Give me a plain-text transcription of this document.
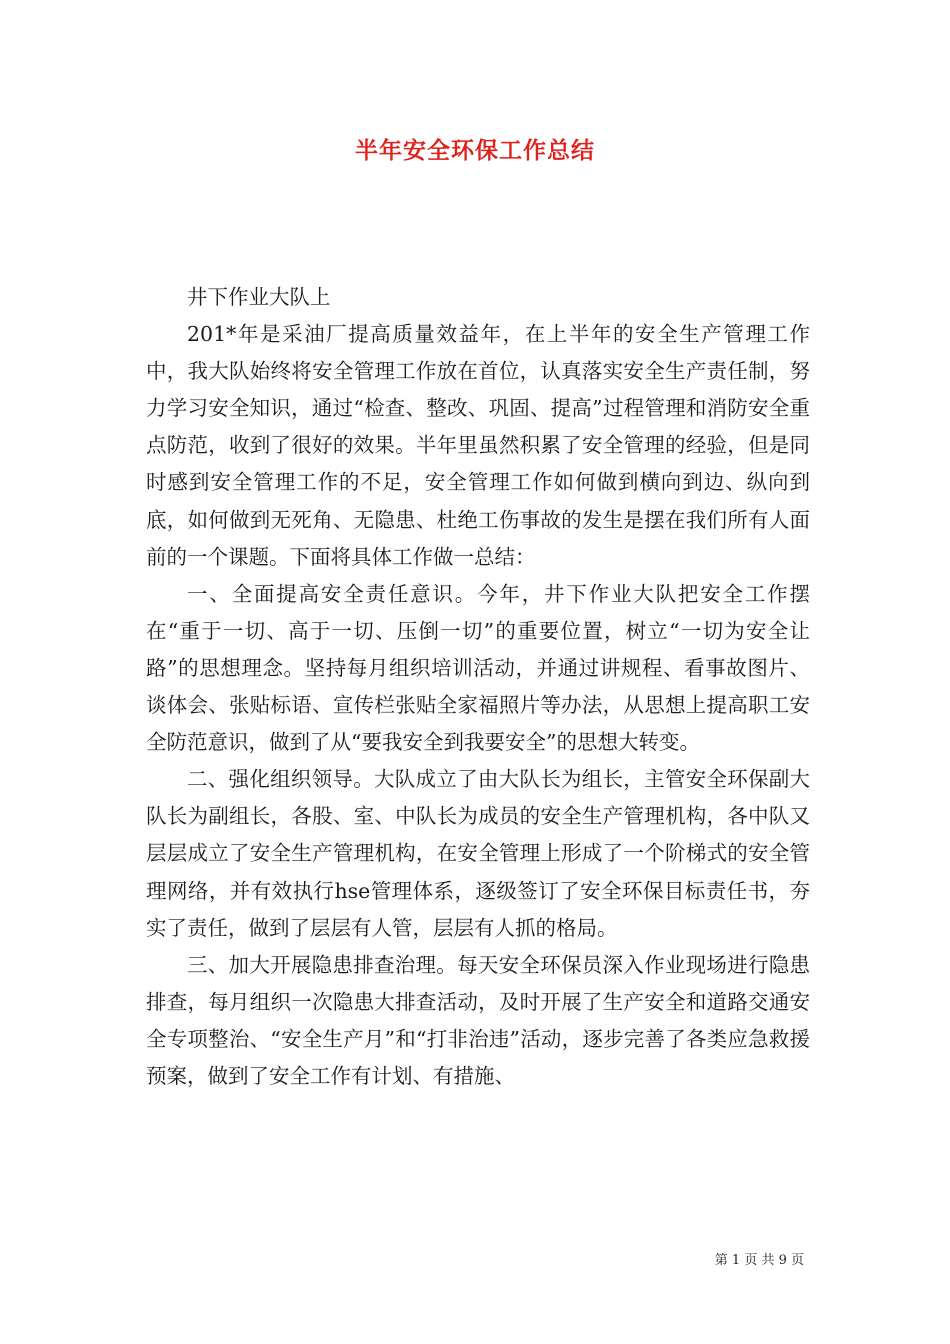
半年安全环保工作总结

井下作业大队上

201*年是采油厂提高质量效益年，在上半年的安全生产管理工作中，我大队始终将安全管理工作放在首位，认真落实安全生产责任制，努力学习安全知识，通过“检查、整改、巩固、提高”过程管理和消防安全重点防范，收到了很好的效果。半年里虽然积累了安全管理的经验，但是同时感到安全管理工作的不足，安全管理工作如何做到横向到边、纵向到底，如何做到无死角、无隐患、杜绝工伤事故的发生是摆在我们所有人面前的一个课题。下面将具体工作做一总结：

一、全面提高安全责任意识。今年，井下作业大队把安全工作摆在“重于一切、高于一切、压倒一切”的重要位置，树立“一切为安全让路”的思想理念。坚持每月组织培训活动，并通过讲规程、看事故图片、谈体会、张贴标语、宣传栏张贴全家福照片等办法，从思想上提高职工安全防范意识，做到了从“要我安全到我要安全”的思想大转变。

二、强化组织领导。大队成立了由大队长为组长，主管安全环保副大队长为副组长，各股、室、中队长为成员的安全生产管理机构，各中队又层层成立了安全生产管理机构，在安全管理上形成了一个阶梯式的安全管理网络，并有效执行hse管理体系，逐级签订了安全环保目标责任书，夯实了责任，做到了层层有人管，层层有人抓的格局。

三、加大开展隐患排查治理。每天安全环保员深入作业现场进行隐患排查，每月组织一次隐患大排查活动，及时开展了生产安全和道路交通安全专项整治、“安全生产月”和“打非治违”活动，逐步完善了各类应急救援预案，做到了安全工作有计划、有措施、

第 1 页 共 9 页
